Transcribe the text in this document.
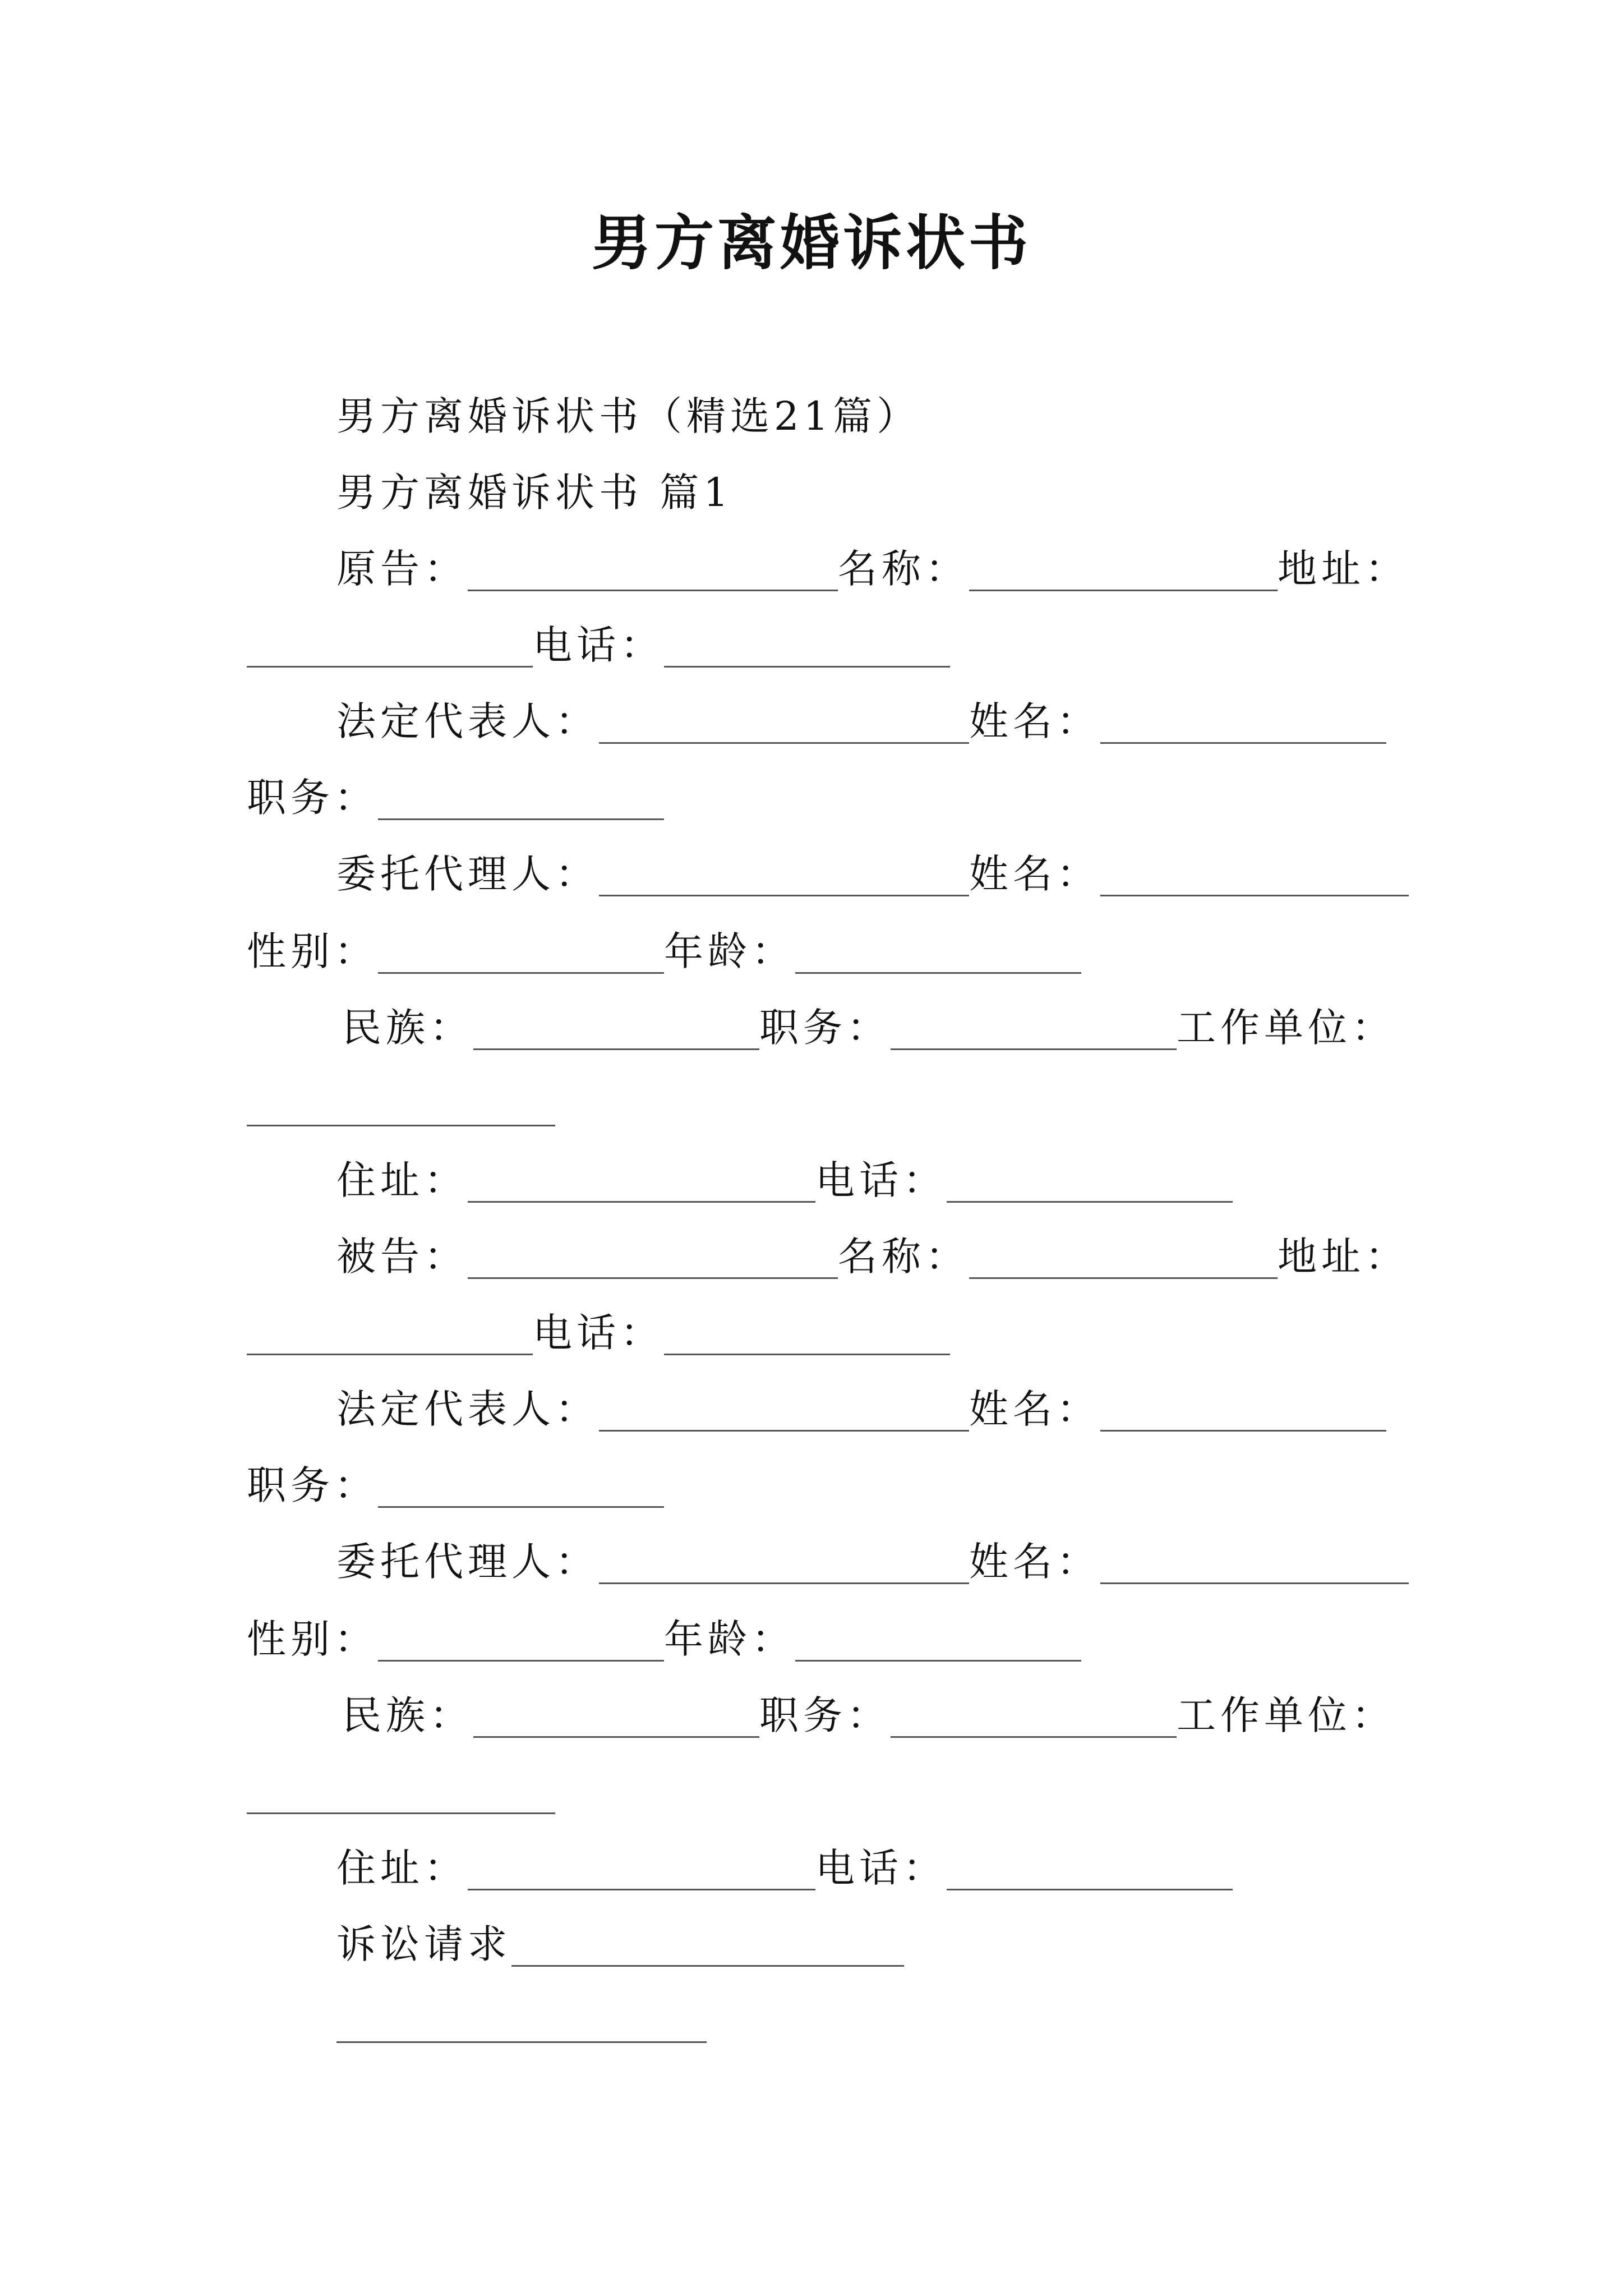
男方离婚诉状书
男方离婚诉状书（精选21篇）
男方离婚诉状书 篇1
原告：	名称：	地址：
电话：
法定代表人：	姓名：
职务：
委托代理人：	姓名：
性别：	年龄：
民族：	职务：	工作单位：
住址：	电话：
被告：	名称：	地址：
电话：
法定代表人：	姓名：
职务：
委托代理人：	姓名：
性别：	年龄：
民族：	职务：	工作单位：
住址：	电话：
诉讼请求
